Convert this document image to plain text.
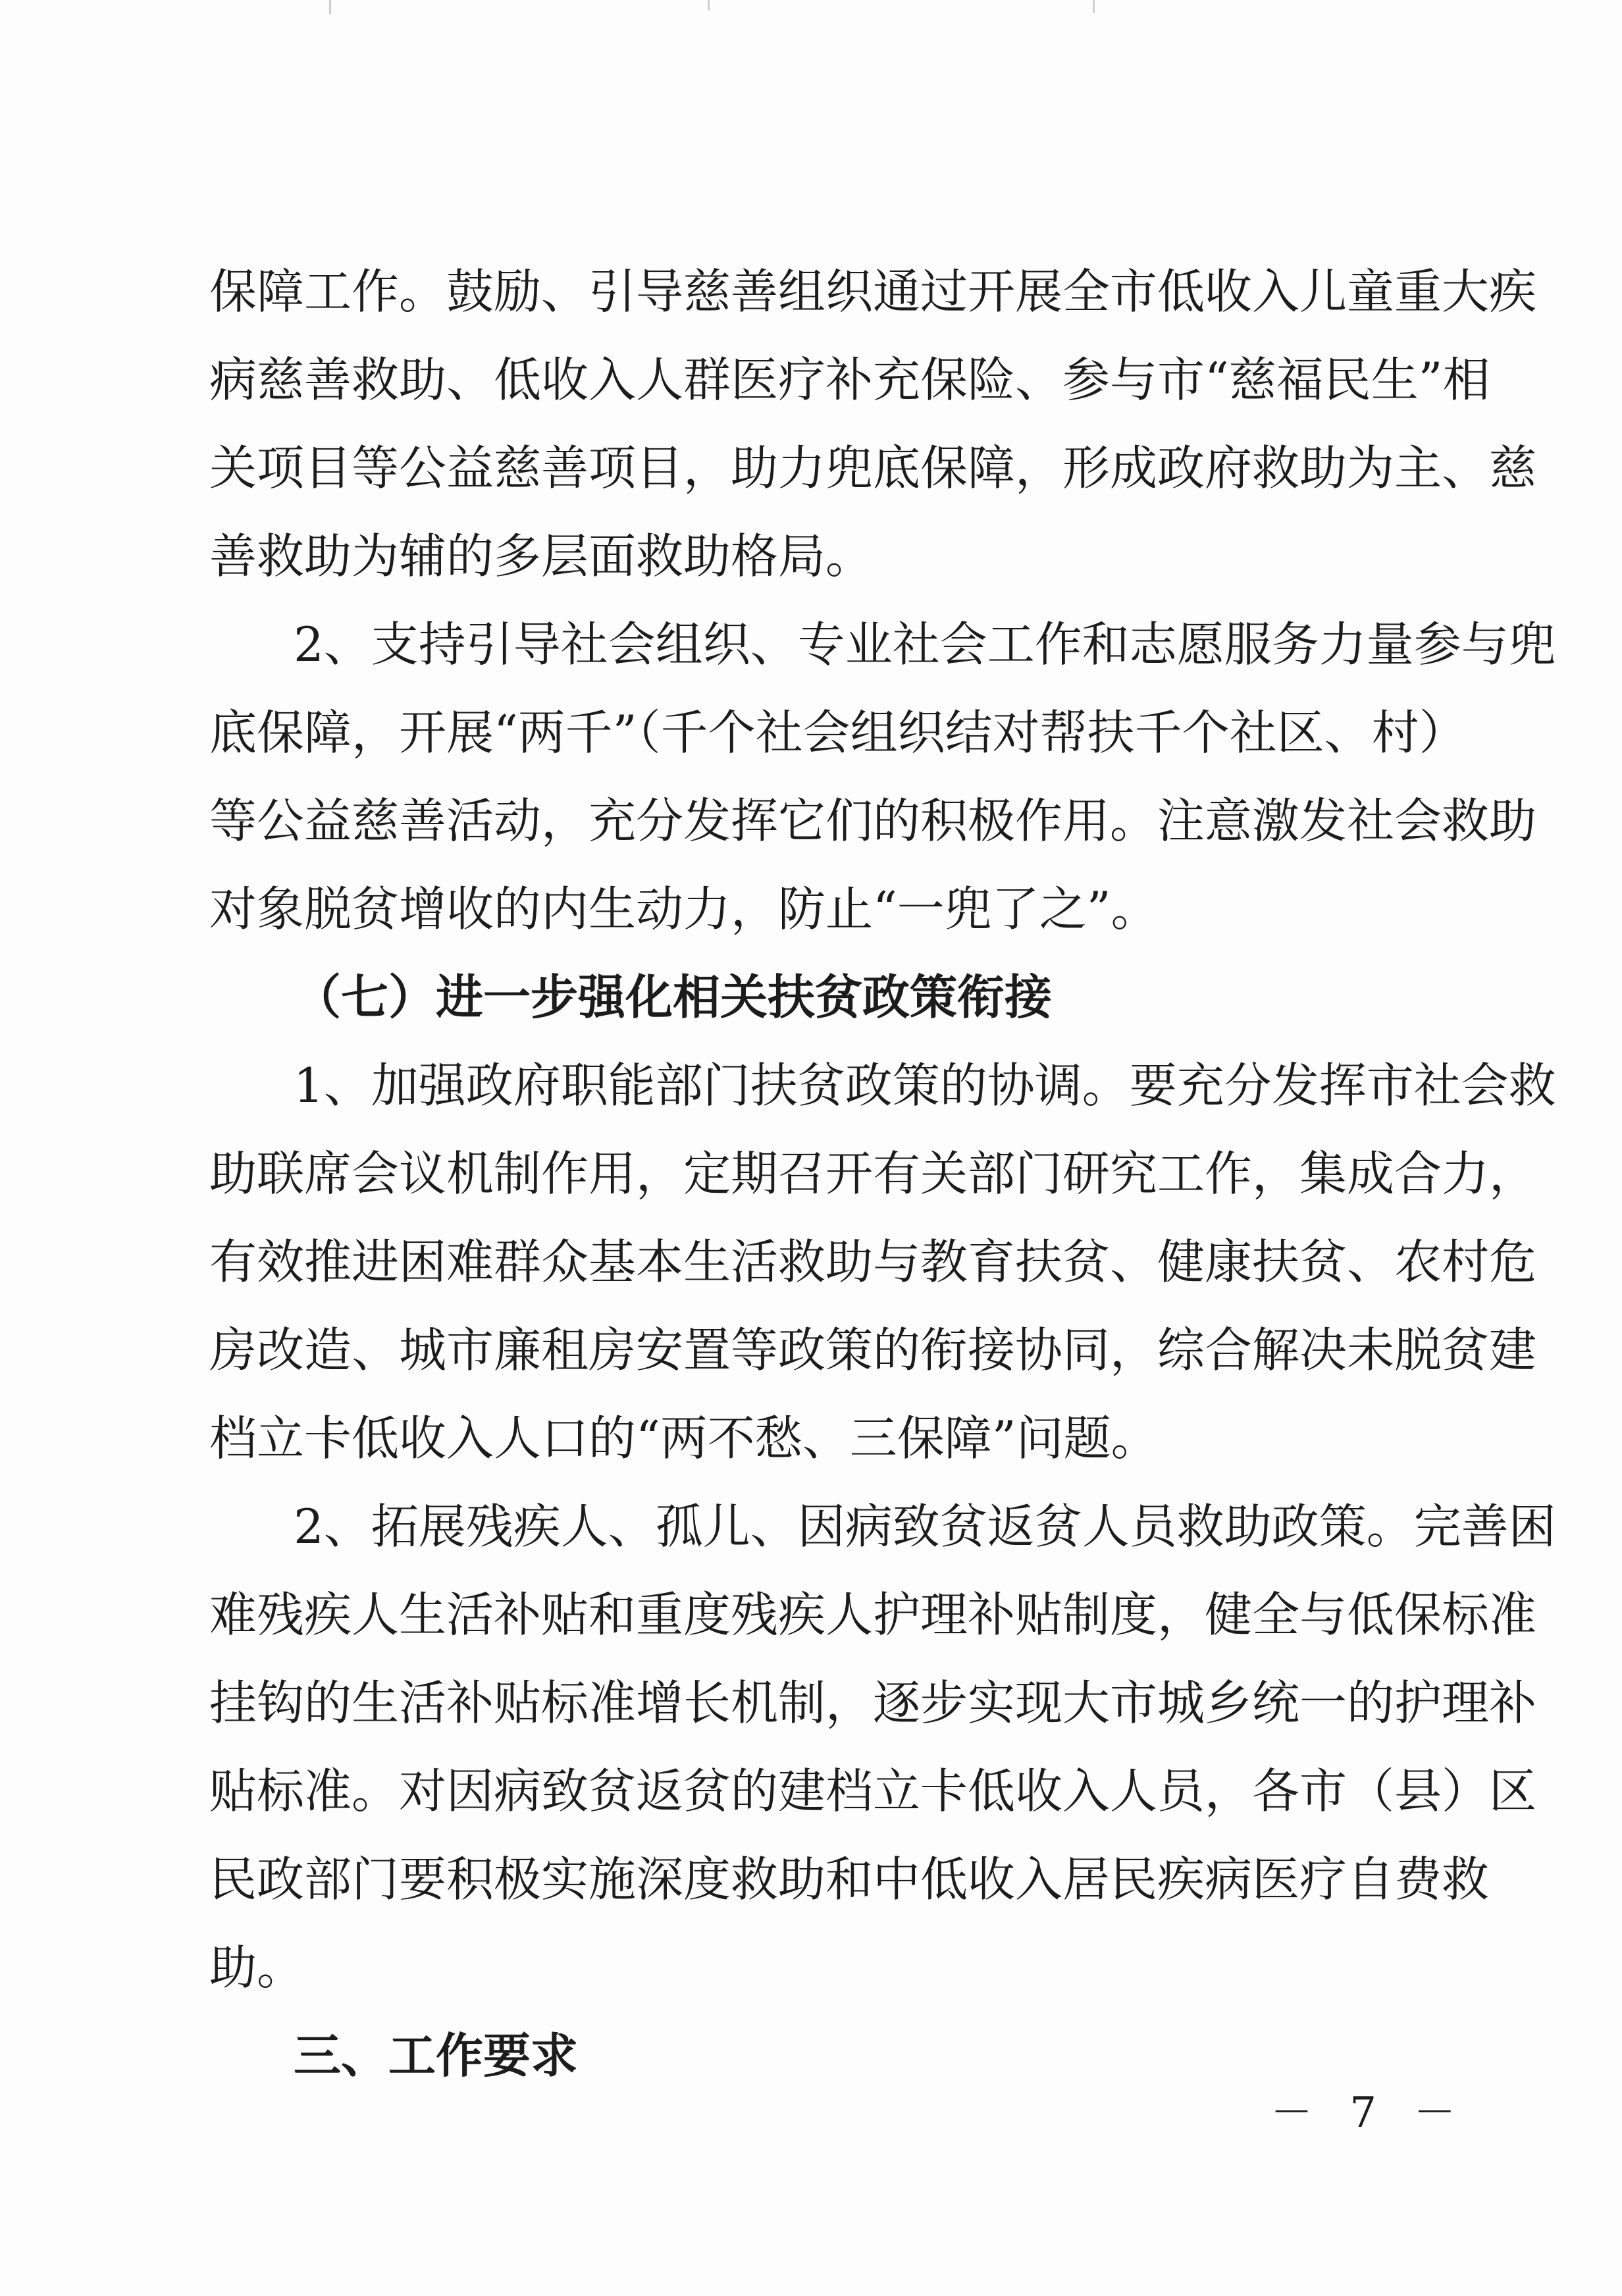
保障工作。鼓励、引导慈善组织通过开展全市低收入儿童重大疾
病慈善救助、低收入人群医疗补充保险、参与市“慈福民生”相
关项目等公益慈善项目，助力兜底保障，形成政府救助为主、慈
善救助为辅的多层面救助格局。
2、支持引导社会组织、专业社会工作和志愿服务力量参与兜
底保障，开展“两千”（千个社会组织结对帮扶千个社区、村）
等公益慈善活动，充分发挥它们的积极作用。注意激发社会救助
对象脱贫增收的内生动力，防止“一兜了之”。
（七）进一步强化相关扶贫政策衔接
1、加强政府职能部门扶贫政策的协调。要充分发挥市社会救
助联席会议机制作用，定期召开有关部门研究工作，集成合力，
有效推进困难群众基本生活救助与教育扶贫、健康扶贫、农村危
房改造、城市廉租房安置等政策的衔接协同，综合解决未脱贫建
档立卡低收入人口的“两不愁、三保障”问题。
2、拓展残疾人、孤儿、因病致贫返贫人员救助政策。完善困
难残疾人生活补贴和重度残疾人护理补贴制度，健全与低保标准
挂钩的生活补贴标准增长机制，逐步实现大市城乡统一的护理补
贴标准。对因病致贫返贫的建档立卡低收入人员，各市（县）区
民政部门要积极实施深度救助和中低收入居民疾病医疗自费救
助。
三、工作要求
－ 7 －
